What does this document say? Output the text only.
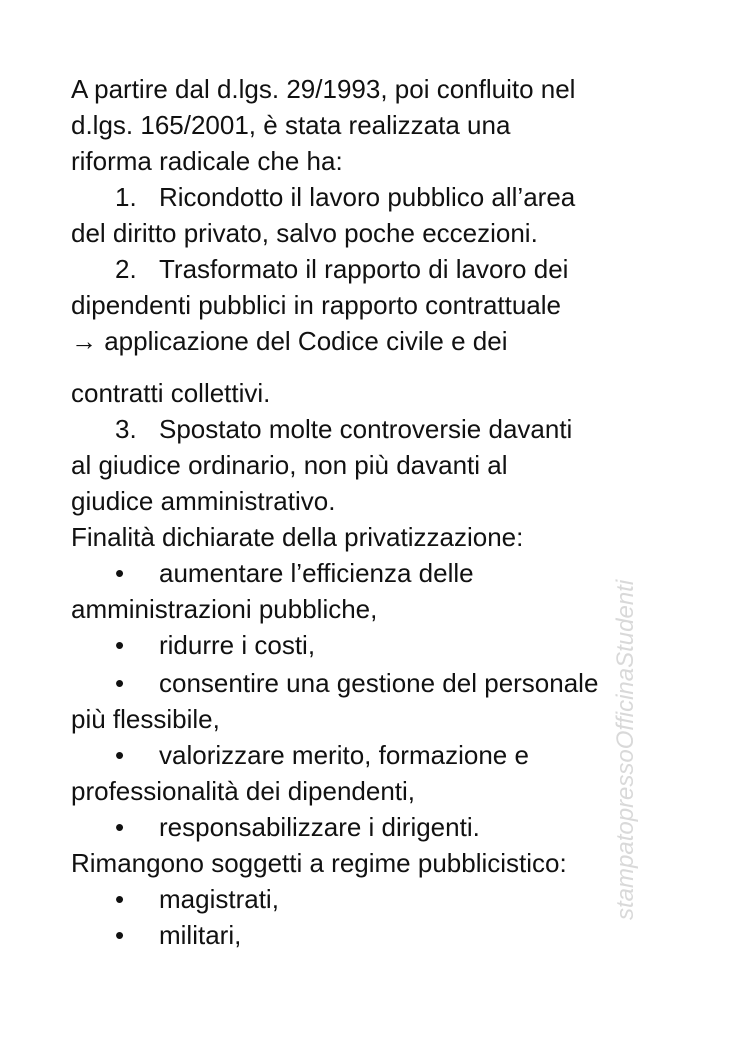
A partire dal d.lgs. 29/1993, poi confluito nel
d.lgs. 165/2001, è stata realizzata una
riforma radicale che ha:
1. Ricondotto il lavoro pubblico all’area
del diritto privato, salvo poche eccezioni.
2. Trasformato il rapporto di lavoro dei
dipendenti pubblici in rapporto contrattuale
→ applicazione del Codice civile e dei
contratti collettivi.
3. Spostato molte controversie davanti
al giudice ordinario, non più davanti al
giudice amministrativo.
Finalità dichiarate della privatizzazione:
• aumentare l’efficienza delle
amministrazioni pubbliche,
• ridurre i costi,
• consentire una gestione del personale
più flessibile,
• valorizzare merito, formazione e
professionalità dei dipendenti,
• responsabilizzare i dirigenti.
Rimangono soggetti a regime pubblicistico:
• magistrati,
• militari,
stampatopressoOfficinaStudenti
